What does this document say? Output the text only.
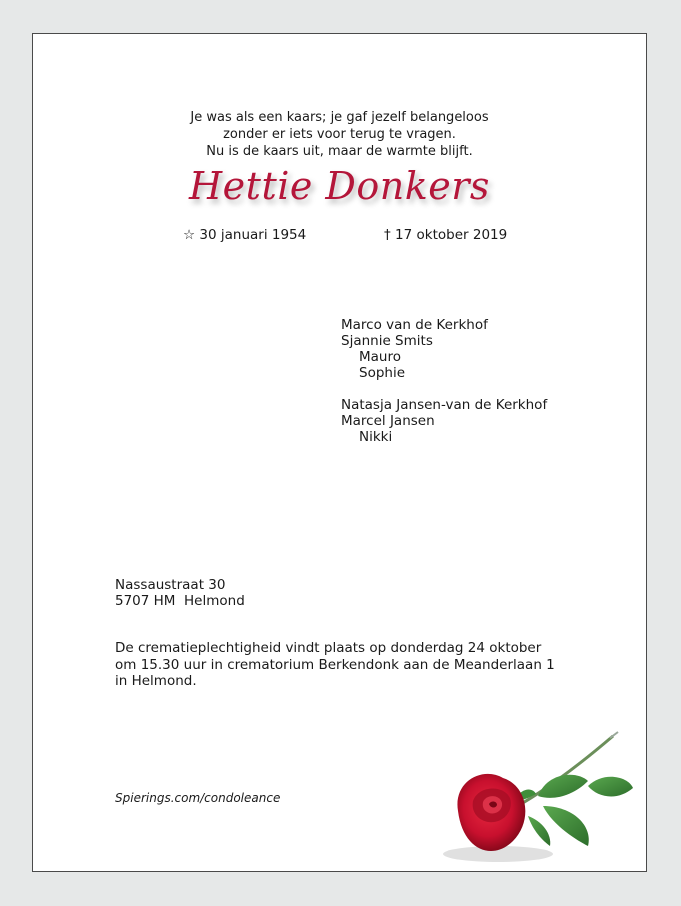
Je was als een kaars; je gaf jezelf belangeloos
zonder er iets voor terug te vragen.
Nu is de kaars uit, maar de warmte blijft.
Hettie Donkers
☆ 30 januari 1954	† 17 oktober 2019
Marco van de Kerkhof
Sjannie Smits
Mauro
Sophie
Natasja Jansen-van de Kerkhof
Marcel Jansen
Nikki
Nassaustraat 30
5707 HM  Helmond
De crematieplechtigheid vindt plaats op donderdag 24 oktober
om 15.30 uur in crematorium Berkendonk aan de Meanderlaan 1
in Helmond.
Spierings.com/condoleance
